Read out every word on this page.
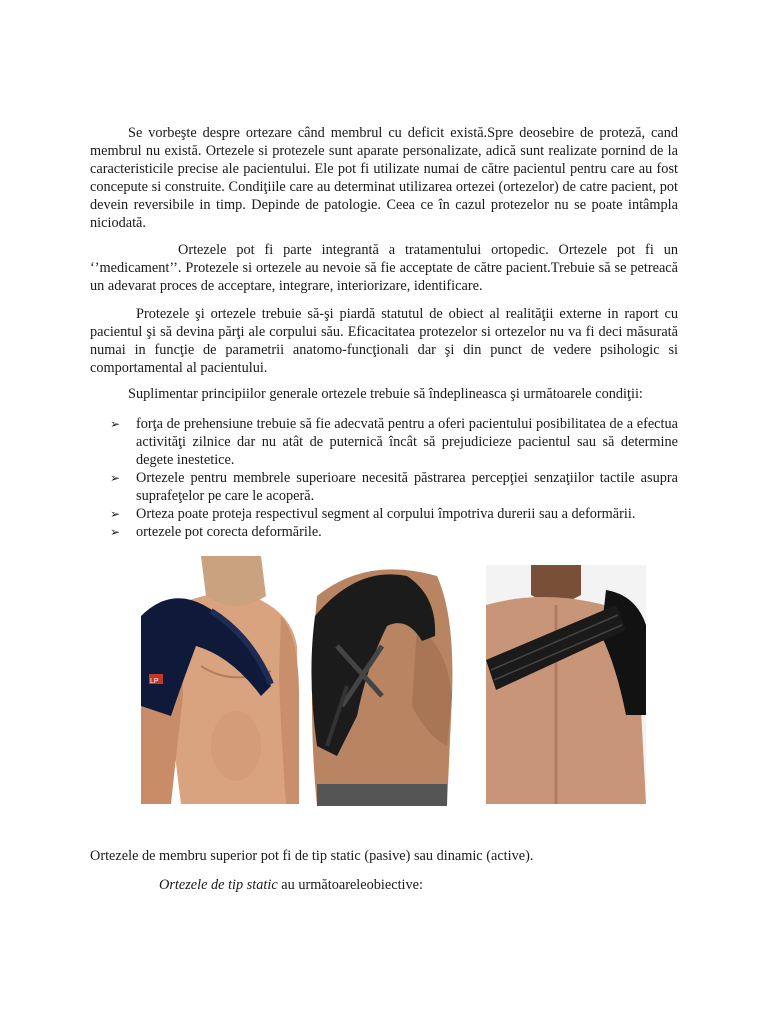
Se vorbeşte despre ortezare când membrul cu deficit există.Spre deosebire de proteză, cand membrul nu există. Ortezele si protezele sunt aparate personalizate, adică sunt realizate pornind de la caracteristicile precise ale pacientului. Ele pot fi utilizate numai de către pacientul pentru care au fost concepute si construite. Condiţiile care au determinat utilizarea ortezei (ortezelor) de catre pacient, pot devein reversibile in timp. Depinde de patologie. Ceea ce în cazul protezelor nu se poate intâmpla niciodată.

Ortezele pot fi parte integrantă a tratamentului ortopedic. Ortezele pot fi un ‘’medicament’’. Protezele si ortezele au nevoie să fie acceptate de către pacient.Trebuie să se petreacă un adevarat proces de acceptare, integrare, interiorizare, identificare.

Protezele şi ortezele trebuie să-şi piardă statutul de obiect al realităţii externe in raport cu pacientul şi să devina părţi ale corpului său. Eficacitatea protezelor si ortezelor nu va fi deci măsurată numai in funcţie de parametrii anatomo-funcţionali dar şi din punct de vedere psihologic si comportamental al pacientului.

Suplimentar principiilor generale ortezele trebuie să îndeplineasca şi următoarele condiţii:

➢ forţa de prehensiune trebuie să fie adecvată pentru a oferi pacientului posibilitatea de a efectua activităţi zilnice dar nu atât de puternică încât să prejudicieze pacientul sau să determine degete inestetice.
➢ Ortezele pentru membrele superioare necesită păstrarea percepţiei senzaţiilor tactile asupra suprafeţelor pe care le acoperă.
➢ Orteza poate proteja respectivul segment al corpului împotriva durerii sau a deformării.
➢ ortezele pot corecta deformările.
LP

Ortezele de membru superior pot fi de tip static (pasive) sau dinamic (active).

Ortezele de tip static au următoareleobiective:
